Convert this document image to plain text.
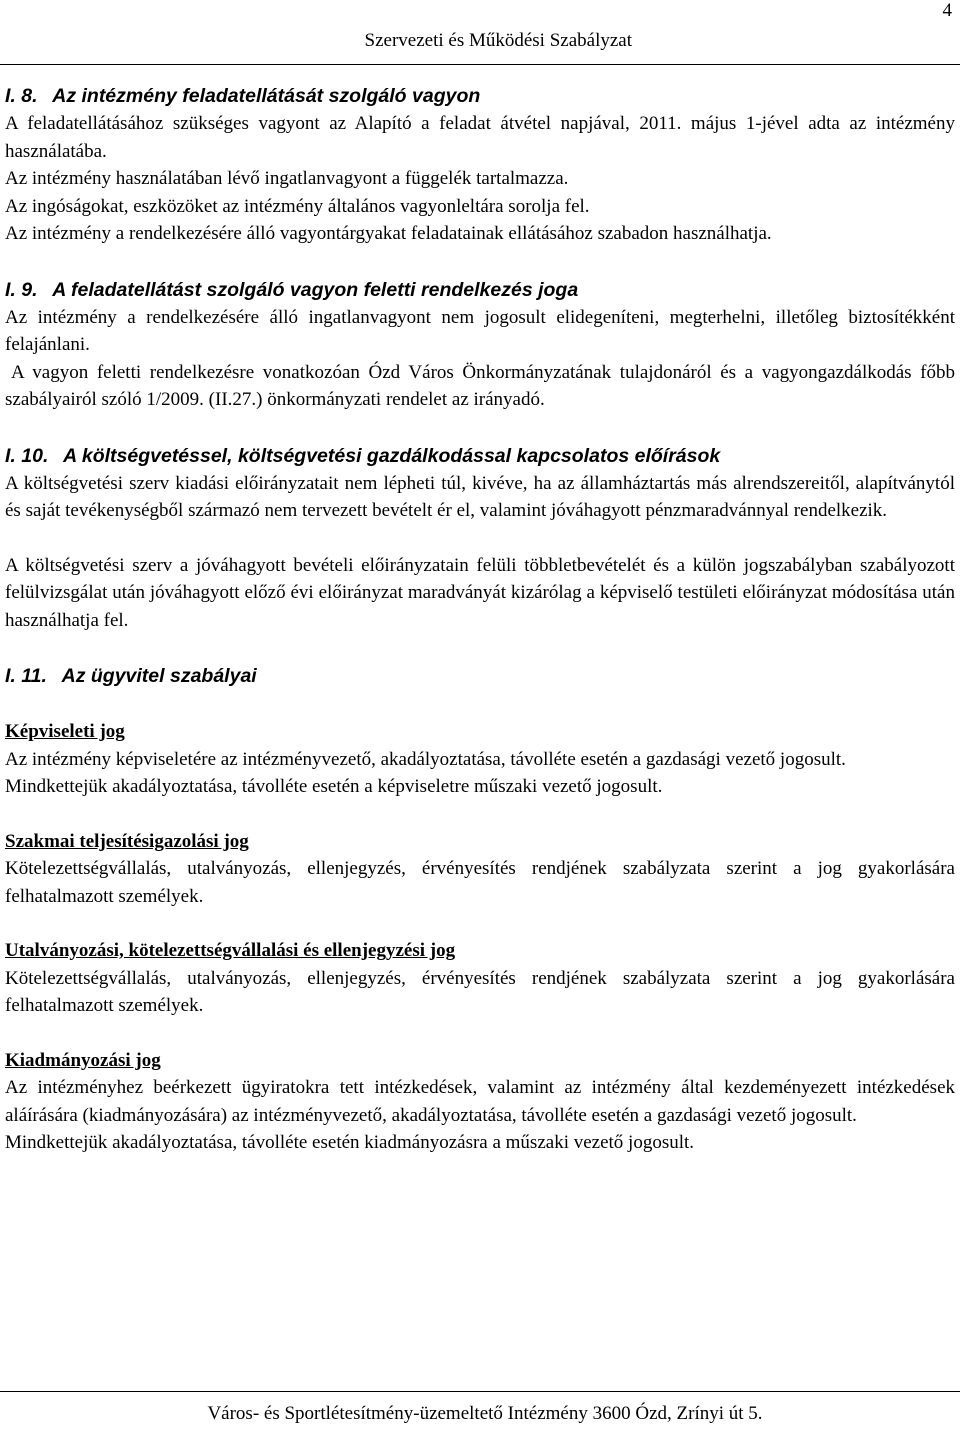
4
Szervezeti és Működési Szabályzat
I. 8. Az intézmény feladatellátását szolgáló vagyon

A feladatellátásához szükséges vagyont az Alapító a feladat átvétel napjával, 2011. május 1-jével adta az intézmény használatába.

Az intézmény használatában lévő ingatlanvagyont a függelék tartalmazza.

Az ingóságokat, eszközöket az intézmény általános vagyonleltára sorolja fel.

Az intézmény a rendelkezésére álló vagyontárgyakat feladatainak ellátásához szabadon használhatja.

I. 9. A feladatellátást szolgáló vagyon feletti rendelkezés joga

Az intézmény a rendelkezésére álló ingatlanvagyont nem jogosult elidegeníteni, megterhelni, illetőleg biztosítékként felajánlani.

A vagyon feletti rendelkezésre vonatkozóan Ózd Város Önkormányzatának tulajdonáról és a vagyongazdálkodás főbb szabályairól szóló 1/2009. (II.27.) önkormányzati rendelet az irányadó.

I. 10. A költségvetéssel, költségvetési gazdálkodással kapcsolatos előírások

A költségvetési szerv kiadási előirányzatait nem lépheti túl, kivéve, ha az államháztartás más alrendszereitől, alapítványtól és saját tevékenységből származó nem tervezett bevételt ér el, valamint jóváhagyott pénzmaradvánnyal rendelkezik.

A költségvetési szerv a jóváhagyott bevételi előirányzatain felüli többletbevételét és a külön jogszabályban szabályozott felülvizsgálat után jóváhagyott előző évi előirányzat maradványát kizárólag a képviselő testületi előirányzat módosítása után használhatja fel.

I. 11. Az ügyvitel szabályai

Képviseleti jog

Az intézmény képviseletére az intézményvezető, akadályoztatása, távolléte esetén a gazdasági vezető jogosult.

Mindkettejük akadályoztatása, távolléte esetén a képviseletre műszaki vezető jogosult.

Szakmai teljesítésigazolási jog

Kötelezettségvállalás, utalványozás, ellenjegyzés, érvényesítés rendjének szabályzata szerint a jog gyakorlására felhatalmazott személyek.

Utalványozási, kötelezettségvállalási és ellenjegyzési jog

Kötelezettségvállalás, utalványozás, ellenjegyzés, érvényesítés rendjének szabályzata szerint a jog gyakorlására felhatalmazott személyek.

Kiadmányozási jog

Az intézményhez beérkezett ügyiratokra tett intézkedések, valamint az intézmény által kezdeményezett intézkedések aláírására (kiadmányozására) az intézményvezető, akadályoztatása, távolléte esetén a gazdasági vezető jogosult.

Mindkettejük akadályoztatása, távolléte esetén kiadmányozásra a műszaki vezető jogosult.

Város- és Sportlétesítmény-üzemeltető Intézmény 3600 Ózd, Zrínyi út 5.
